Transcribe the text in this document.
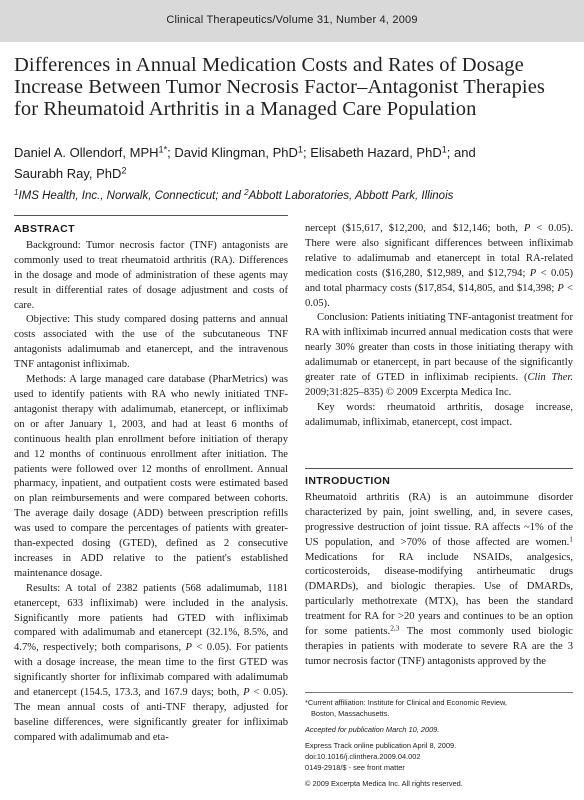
Clinical Therapeutics/Volume 31, Number 4, 2009
Differences in Annual Medication Costs and Rates of Dosage
Increase Between Tumor Necrosis Factor–Antagonist Therapies
for Rheumatoid Arthritis in a Managed Care Population
Daniel A. Ollendorf, $MPH^{1*}$; David Klingman, PhD$^1$; Elisabeth Hazard, PhD$^1$; and
Saurabh Ray, PhD$^2$
$^1$IMS Health, Inc., Norwalk, Connecticut; and $^2$Abbott Laboratories, Abbott Park, Illinois
ABSTRACT

Background: Tumor necrosis factor (TNF) antagonists are commonly used to treat rheumatoid arthritis (RA). Differences in the dosage and mode of administration of these agents may result in differential rates of dosage adjustment and costs of care.

Objective: This study compared dosing patterns and annual costs associated with the use of the subcutaneous TNF antagonists adalimumab and etanercept, and the intravenous TNF antagonist infliximab.

Methods: A large managed care database (PharMetrics) was used to identify patients with RA who newly initiated TNF-antagonist therapy with adalimumab, etanercept, or infliximab on or after January 1, 2003, and had at least 6 months of continuous health plan enrollment before initiation of therapy and 12 months of continuous enrollment after initiation. The patients were followed over 12 months of enrollment. Annual pharmacy, inpatient, and outpatient costs were estimated based on plan reimbursements and were compared between cohorts. The average daily dosage (ADD) between prescription refills was used to compare the percentages of patients with greater-than-expected dosing (GTED), defined as 2 consecutive increases in ADD relative to the patient's established maintenance dosage.

Results: A total of 2382 patients (568 adalimumab, 1181 etanercept, 633 infliximab) were included in the analysis. Significantly more patients had GTED with infliximab compared with adalimumab and etanercept (32.1%, 8.5%, and 4.7%, respectively; both comparisons, P < 0.05). For patients with a dosage increase, the mean time to the first GTED was significantly shorter for infliximab compared with adalimumab and etanercept (154.5, 173.3, and 167.9 days; both, P < 0.05). The mean annual costs of anti-TNF therapy, adjusted for baseline differences, were significantly greater for infliximab compared with adalimumab and eta-

nercept ($15,617, $12,200, and $12,146; both, P < 0.05). There were also significant differences between infliximab relative to adalimumab and etanercept in total RA-related medication costs ($16,280, $12,989, and $12,794; P < 0.05) and total pharmacy costs ($17,854, $14,805, and $14,398; P < 0.05).

Conclusion: Patients initiating TNF-antagonist treatment for RA with infliximab incurred annual medication costs that were nearly 30% greater than costs in those initiating therapy with adalimumab or etanercept, in part because of the significantly greater rate of GTED in infliximab recipients. (Clin Ther. 2009;31:825–835) © 2009 Excerpta Medica Inc.

Key words: rheumatoid arthritis, dosage increase, adalimumab, infliximab, etanercept, cost impact.

INTRODUCTION

Rheumatoid arthritis (RA) is an autoimmune disorder characterized by pain, joint swelling, and, in severe cases, progressive destruction of joint tissue. RA affects ~1% of the US population, and >70% of those affected are women.$^1$ Medications for RA include NSAIDs, analgesics, corticosteroids, disease-modifying antirheumatic drugs (DMARDs), and biologic therapies. Use of DMARDs, particularly methotrexate (MTX), has been the standard treatment for RA for >20 years and continues to be an option for some patients.$^{2,3}$ The most commonly used biologic therapies in patients with moderate to severe RA are the 3 tumor necrosis factor (TNF) antagonists approved by the

*Current affiliation: Institute for Clinical and Economic Review,
Boston, Massachusetts.
Accepted for publication March 10, 2009.
Express Track online publication April 8, 2009.
doi:10.1016/j.clinthera.2009.04.002
0149-2918/$ - see front matter
© 2009 Excerpta Medica Inc. All rights reserved.
